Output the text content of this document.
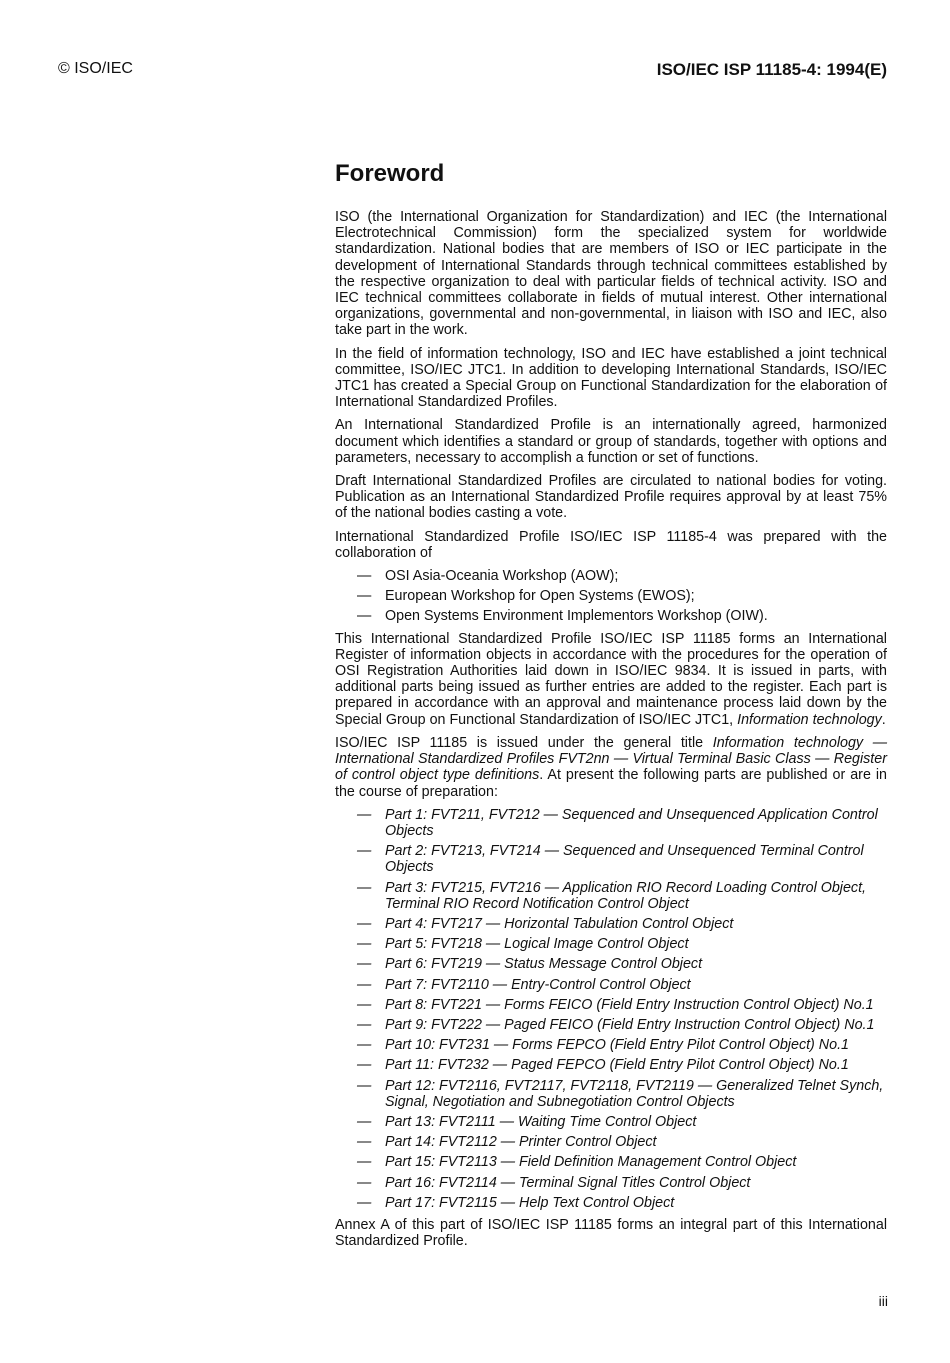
© ISO/IEC	ISO/IEC ISP 11185-4: 1994(E)
Foreword

ISO (the International Organization for Standardization) and IEC (the International Electrotechnical Commission) form the specialized system for worldwide standardization. National bodies that are members of ISO or IEC participate in the development of International Standards through technical committees established by the respective organization to deal with particular fields of technical activity. ISO and IEC technical committees collaborate in fields of mutual interest. Other international organizations, governmental and non-governmental, in liaison with ISO and IEC, also take part in the work.

In the field of information technology, ISO and IEC have established a joint technical committee, ISO/IEC JTC1. In addition to developing International Standards, ISO/IEC JTC1 has created a Special Group on Functional Standardization for the elaboration of International Standardized Profiles.

An International Standardized Profile is an internationally agreed, harmonized document which identifies a standard or group of standards, together with options and parameters, necessary to accomplish a function or set of functions.

Draft International Standardized Profiles are circulated to national bodies for voting. Publication as an International Standardized Profile requires approval by at least 75% of the national bodies casting a vote.

International Standardized Profile ISO/IEC ISP 11185-4 was prepared with the collaboration of

— OSI Asia-Oceania Workshop (AOW);
— European Workshop for Open Systems (EWOS);
— Open Systems Environment Implementors Workshop (OIW).

This International Standardized Profile ISO/IEC ISP 11185 forms an International Register of information objects in accordance with the procedures for the operation of OSI Registration Authorities laid down in ISO/IEC 9834. It is issued in parts, with additional parts being issued as further entries are added to the register. Each part is prepared in accordance with an approval and maintenance process laid down by the Special Group on Functional Standardization of ISO/IEC JTC1, Information technology.

ISO/IEC ISP 11185 is issued under the general title Information technology — International Standardized Profiles FVT2nn — Virtual Terminal Basic Class — Register of control object type definitions. At present the following parts are published or are in the course of preparation:

— Part 1: FVT211, FVT212 — Sequenced and Unsequenced Application Control Objects
— Part 2: FVT213, FVT214 — Sequenced and Unsequenced Terminal Control Objects
— Part 3: FVT215, FVT216 — Application RIO Record Loading Control Object, Terminal RIO Record Notification Control Object
— Part 4: FVT217 — Horizontal Tabulation Control Object
— Part 5: FVT218 — Logical Image Control Object
— Part 6: FVT219 — Status Message Control Object
— Part 7: FVT2110 — Entry-Control Control Object
— Part 8: FVT221 — Forms FEICO (Field Entry Instruction Control Object) No.1
— Part 9: FVT222 — Paged FEICO (Field Entry Instruction Control Object) No.1
— Part 10: FVT231 — Forms FEPCO (Field Entry Pilot Control Object) No.1
— Part 11: FVT232 — Paged FEPCO (Field Entry Pilot Control Object) No.1
— Part 12: FVT2116, FVT2117, FVT2118, FVT2119 — Generalized Telnet Synch, Signal, Negotiation and Subnegotiation Control Objects
— Part 13: FVT2111 — Waiting Time Control Object
— Part 14: FVT2112 — Printer Control Object
— Part 15: FVT2113 — Field Definition Management Control Object
— Part 16: FVT2114 — Terminal Signal Titles Control Object
— Part 17: FVT2115 — Help Text Control Object

Annex A of this part of ISO/IEC ISP 11185 forms an integral part of this International Standardized Profile.

iii
